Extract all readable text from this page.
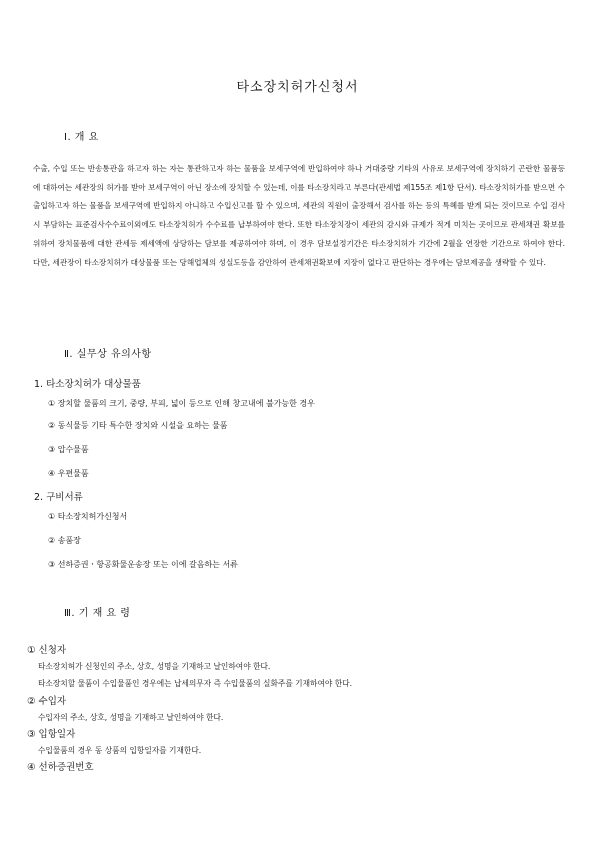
타소장치허가신청서
Ⅰ. 개 요

수출, 수입 또는 반송통관을 하고자 하는 자는 통관하고자 하는 물품을 보세구역에 반입하여야 하나 거대중량 기타의 사유로 보세구역에 장치하기 곤란한 물품등에 대하여는 세관장의 허가를 받아 보세구역이 아닌 장소에 장치할 수 있는데, 이를 타소장치라고 부른다(관세법 제155조 제1항 단서). 타소장치허가를 받으면 수출입하고자 하는 물품을 보세구역에 반입하지 아니하고 수입신고를 할 수 있으며, 세관의 직원이 출장해서 검사를 하는 등의 특혜를 받게 되는 것이므로 수입 검사시 부담하는 표준검사수수료이외에도 타소장치허가 수수료를 납부하여야 한다. 또한 타소장치장이 세관의 감시와 규제가 적게 미치는 곳이므로 관세채권 확보를 위하여 장치물품에 대한 관세등 제세액에 상당하는 담보를 제공하여야 하며, 이 경우 담보설정기간은 타소장치허가 기간에 2월을 연장한 기간으로 하여야 한다. 다만, 세관장이 타소장치허가 대상물품 또는 당해업체의 성실도등을 감안하여 관세채권확보에 지장이 없다고 판단하는 경우에는 담보제공을 생략할 수 있다.

Ⅱ. 실무상 유의사항
1. 타소장치허가 대상물품
① 장치할 물품의 크기, 중량, 부피, 넓이 등으로 인해 창고내에 불가능한 경우
② 동식물등 기타 특수한 장치와 시설을 요하는 물품
③ 압수물품
④ 우편물품
2. 구비서류
① 타소장치허가신청서
② 송품장
③ 선하증권ㆍ항공화물운송장 또는 이에 갈음하는 서류
Ⅲ. 기 재 요 령
① 신청자
타소장치허가 신청인의 주소, 상호, 성명을 기재하고 날인하여야 한다.
타소장치할 물품이 수입물품인 경우에는 납세의무자 즉 수입물품의 실화주를 기재하여야 한다.
② 수입자
수입자의 주소, 상호, 성명을 기재하고 날인하여야 한다.
③ 입항일자
수입물품의 경우 동 상품의 입항일자를 기재한다.
④ 선하증권번호
